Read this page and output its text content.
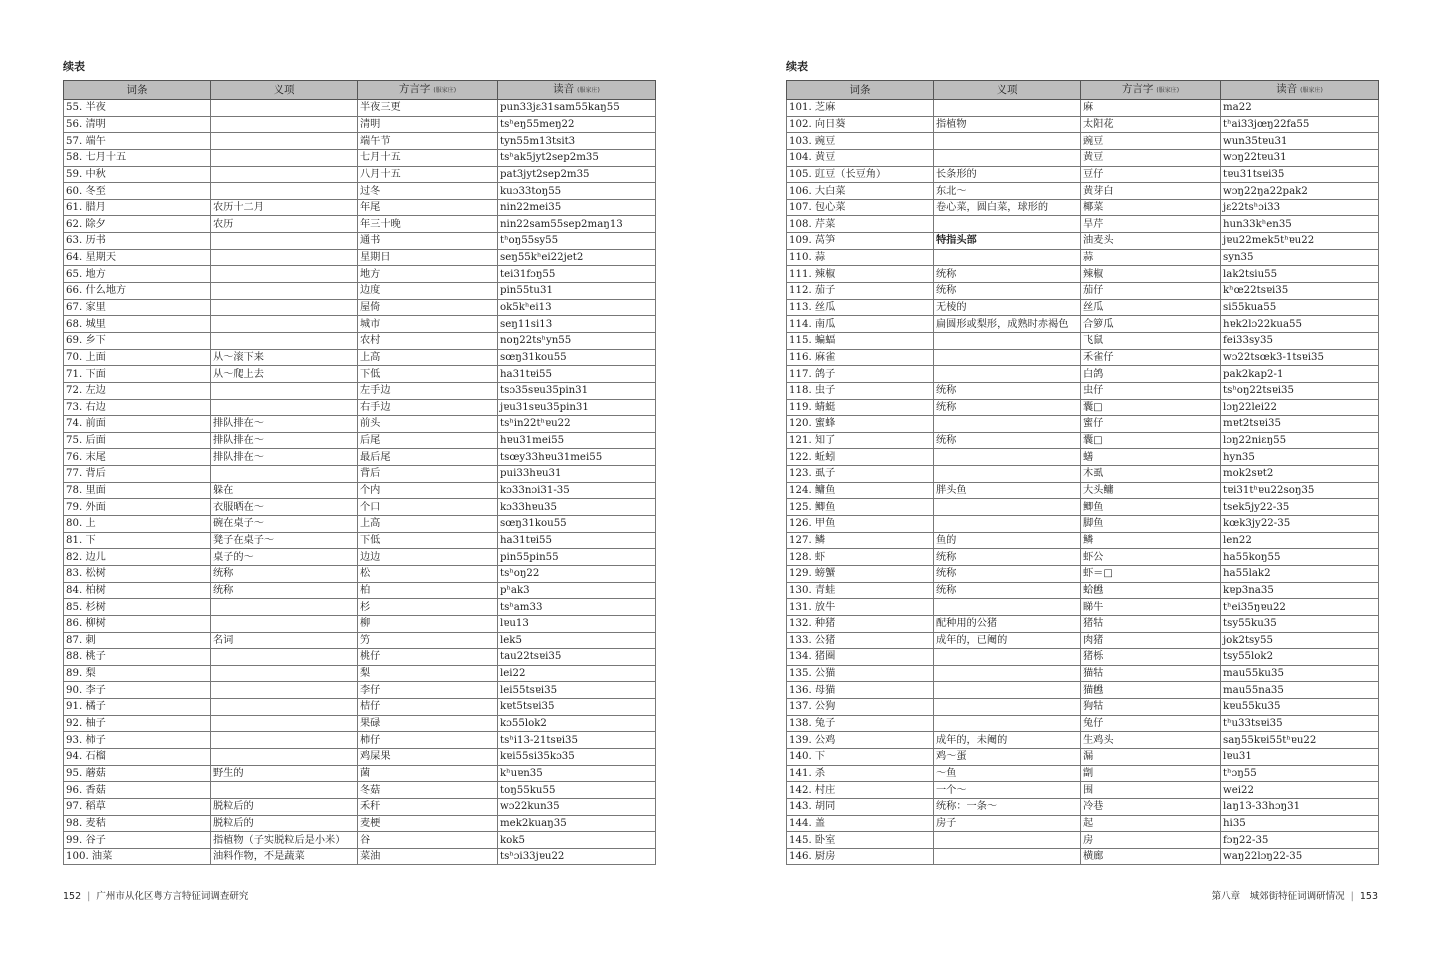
续表
词条	义项	方言字 (服家庄)	读音 (服家庄)
55. 半夜		半夜三更	pun33jɛ31sam55kaŋ55
56. 清明		清明	tsʰeŋ55meŋ22
57. 端午		端午节	tyn55m13tsit3
58. 七月十五		七月十五	tsʰak5jyt2sep2m35
59. 中秋		八月十五	pat3jyt2sep2m35
60. 冬至		过冬	kuɔ33toŋ55
61. 腊月	农历十二月	年尾	nin22mei35
62. 除夕	农历	年三十晚	nin22sam55sep2maŋ13
63. 历书		通书	tʰoŋ55sy55
64. 星期天		星期日	seŋ55kʰei22jet2
65. 地方		地方	tei31fɔŋ55
66. 什么地方		边度	pin55tu31
67. 家里		屋倚	ok5kʰei13
68. 城里		城市	seŋ11si13
69. 乡下		农村	noŋ22tsʰyn55
70. 上面	从～滚下来	上高	sœŋ31kou55
71. 下面	从～爬上去	下低	ha31tɐi55
72. 左边		左手边	tsɔ35sɐu35pin31
73. 右边		右手边	jɐu31sɐu35pin31
74. 前面	排队排在～	前头	tsʰin22tʰɐu22
75. 后面	排队排在～	后尾	hɐu31mei55
76. 末尾	排队排在～	最后尾	tsœy33hɐu31mei55
77. 背后		背后	pui33hɐu31
78. 里面	躲在	个内	kɔ33nɔi31-35
79. 外面	衣服晒在～	个口	kɔ33hɐu35
80. 上	碗在桌子～	上高	sœŋ31kou55
81. 下	凳子在桌子～	下低	ha31tɐi55
82. 边儿	桌子的～	边边	pin55pin55
83. 松树	统称	松	tsʰoŋ22
84. 柏树	统称	柏	pʰak3
85. 杉树		杉	tsʰam33
86. 柳树		柳	lɐu13
87. 刺	名词	竻	lek5
88. 桃子		桃仔	tau22tsɐi35
89. 梨		梨	lei22
90. 李子		李仔	lei55tsɐi35
91. 橘子		桔仔	kɐt5tsɐi35
92. 柚子		果碌	kɔ55lok2
93. 柿子		柿仔	tsʰi13-21tsɐi35
94. 石榴		鸡屎果	kɐi55si35kɔ35
95. 蘑菇	野生的	菌	kʰuɐn35
96. 香菇		冬菇	toŋ55ku55
97. 稻草	脱粒后的	禾秆	wɔ22kun35
98. 麦秸	脱粒后的	麦梗	mek2kuaŋ35
99. 谷子	指植物（子实脱粒后是小米）	谷	kok5
100. 油菜	油料作物，不是蔬菜	菜油	tsʰɔi33jɐu22
续表
词条	义项	方言字 (服家庄)	读音 (服家庄)
101. 芝麻		麻	ma22
102. 向日葵	指植物	太阳花	tʰai33jœŋ22fa55
103. 豌豆		豌豆	wun35tɐu31
104. 黄豆		黄豆	wɔŋ22tɐu31
105. 豇豆（长豆角）	长条形的	豆仔	tɐu31tsɐi35
106. 大白菜	东北～	黄芽白	wɔŋ22ŋa22pak2
107. 包心菜	卷心菜，圆白菜，球形的	椰菜	jɛ22tsʰɔi33
108. 芹菜		旱芹	hun33kʰen35
109. 莴笋	特指头部	油麦头	jɐu22mek5tʰɐu22
110. 蒜		蒜	syn35
111. 辣椒	统称	辣椒	lak2tsiu55
112. 茄子	统称	茄仔	kʰœ22tsɐi35
113. 丝瓜	无棱的	丝瓜	si55kua55
114. 南瓜	扁圆形或梨形，成熟时赤褐色	合箩瓜	hɐk2lɔ22kua55
115. 蝙蝠		飞鼠	fei33sy35
116. 麻雀		禾雀仔	wɔ22tsœk3-1tsɐi35
117. 鸽子		白鸽	pak2kap2-1
118. 虫子	统称	虫仔	tsʰoŋ22tsɐi35
119. 蜻蜓	统称	囊□	lɔŋ22lei22
120. 蜜蜂		蜜仔	mɐt2tsɐi35
121. 知了	统称	囊□	lɔŋ22niɛŋ55
122. 蚯蚓		蟮	hyn35
123. 虱子		木虱	mok2sɐt2
124. 鳙鱼	胖头鱼	大头鳙	tɐi31tʰɐu22soŋ35
125. 鲫鱼		鲫鱼	tsek5jy22-35
126. 甲鱼		脚鱼	kœk3jy22-35
127. 鳞	鱼的	鳞	len22
128. 虾	统称	虾公	ha55koŋ55
129. 螃蟹	统称	虾＝□	ha55lak2
130. 青蛙	统称	蛤乸	kɐp3na35
131. 放牛		睇牛	tʰei35ŋɐu22
132. 种猪	配种用的公猪	猪牯	tsy55ku35
133. 公猪	成年的，已阉的	肉猪	jok2tsy55
134. 猪圈		猪栎	tsy55lok2
135. 公猫		猫牯	mau55ku35
136. 母猫		猫乸	mau55na35
137. 公狗		狗牯	kɐu55ku35
138. 兔子		兔仔	tʰu33tsɐi35
139. 公鸡	成年的，未阉的	生鸡头	saŋ55kɐi55tʰɐu22
140. 下	鸡～蛋	漏	lɐu31
141. 杀	～鱼	劏	tʰɔŋ55
142. 村庄	一个～	围	wei22
143. 胡同	统称：一条～	冷巷	laŋ13-33hɔŋ31
144. 盖	房子	起	hi35
145. 卧室		房	fɔŋ22-35
146. 厨房		横廊	waŋ22lɔŋ22-35
152 | 广州市从化区粤方言特征词调查研究	第八章　城郊街特征词调研情况 | 153
